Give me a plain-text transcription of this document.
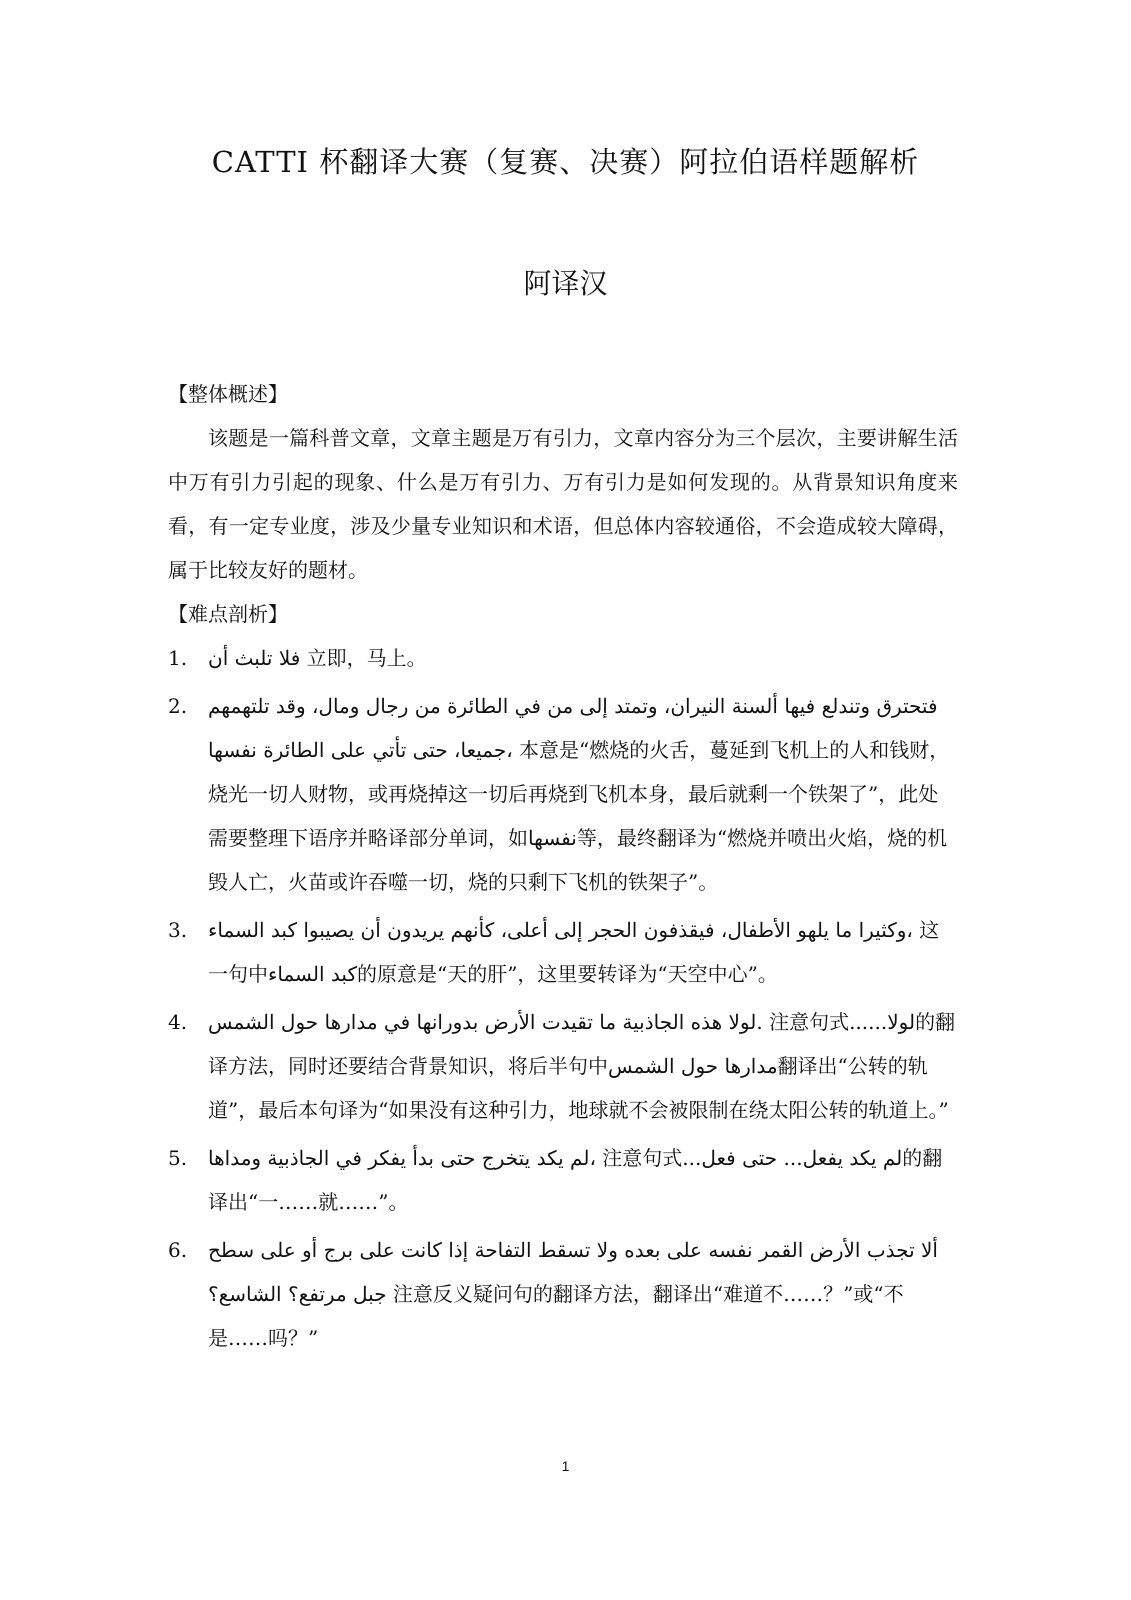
CATTI 杯翻译大赛（复赛、决赛）阿拉伯语样题解析
阿译汉

【整体概述】

该题是一篇科普文章，文章主题是万有引力，文章内容分为三个层次，主要讲解生活中万有引力引起的现象、什么是万有引力、万有引力是如何发现的。从背景知识角度来看，有一定专业度，涉及少量专业知识和术语，但总体内容较通俗，不会造成较大障碍，属于比较友好的题材。

【难点剖析】

1.	فلا تلبث أن 立即，马上。
2.	فتحترق وتندلع فيها ألسنة النيران، وتمتد إلى من في الطائرة من رجال ومال، وقد تلتهمهم جميعا، حتى تأتي على الطائرة نفسها، 本意是“燃烧的火舌，蔓延到飞机上的人和钱财，烧光一切人财物，或再烧掉这一切后再烧到飞机本身，最后就剩一个铁架了”，此处需要整理下语序并略译部分单词，如نفسها等，最终翻译为“燃烧并喷出火焰，烧的机毁人亡，火苗或许吞噬一切，烧的只剩下飞机的铁架子”。
3.	وكثيرا ما يلهو الأطفال، فيقذفون الحجر إلى أعلى، كأنهم يريدون أن يصيبوا كبد السماء، 这一句中كبد السماء的原意是“天的肝”，这里要转译为“天空中心”。
4.	لولا هذه الجاذبية ما تقيدت الأرض بدورانها في مدارها حول الشمس. 注意句式......لولا的翻译方法，同时还要结合背景知识，将后半句中مدارها حول الشمس翻译出“公转的轨道”，最后本句译为“如果没有这种引力，地球就不会被限制在绕太阳公转的轨道上。”
5.	لم يكد يتخرج حتى بدأ يفكر في الجاذبية ومداها، 注意句式...لم يكد يفعل... حتى فعل的翻译出“一……就……”。
6.	ألا تجذب الأرض القمر نفسه على بعده ولا تسقط التفاحة إذا كانت على برج أو على سطح جبل مرتفع؟ الشاسع؟ 注意反义疑问句的翻译方法，翻译出“难道不……？”或“不是……吗？”
1
